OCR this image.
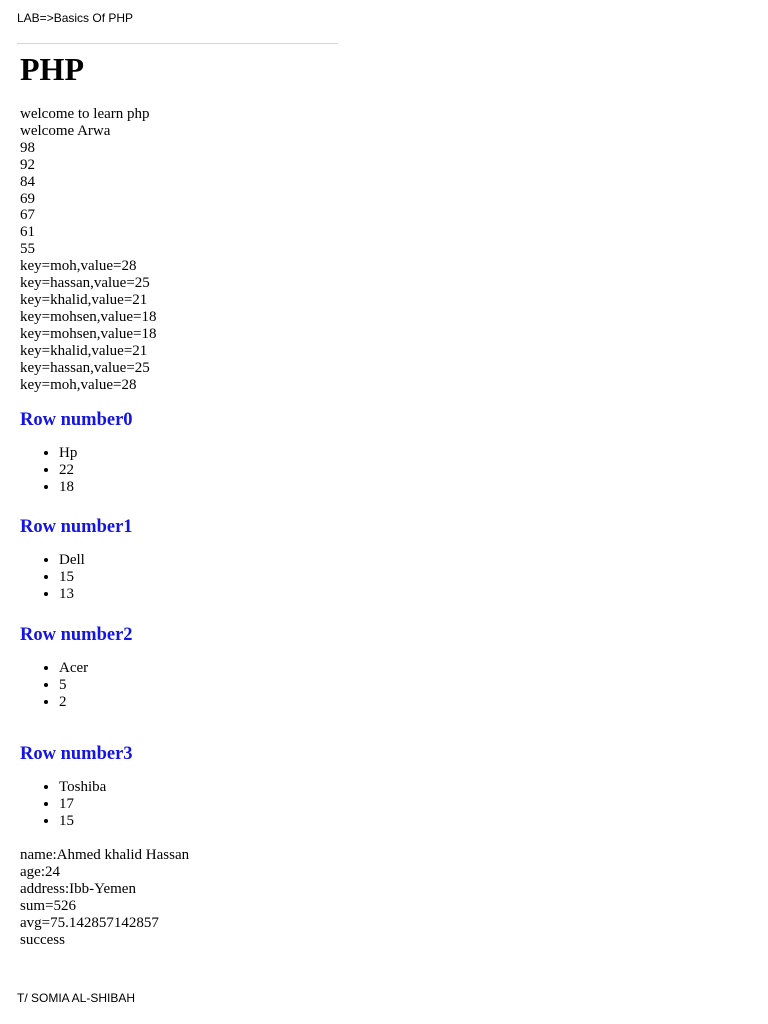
LAB=>Basics Of PHP
PHP
welcome to learn php
welcome Arwa
98
92
84
69
67
61
55
key=moh,value=28
key=hassan,value=25
key=khalid,value=21
key=mohsen,value=18
key=mohsen,value=18
key=khalid,value=21
key=hassan,value=25
key=moh,value=28
Row number0
• Hp
• 22
• 18
Row number1
• Dell
• 15
• 13
Row number2
• Acer
• 5
• 2
Row number3
• Toshiba
• 17
• 15
name:Ahmed khalid Hassan
age:24
address:Ibb-Yemen
sum=526
avg=75.142857142857
success
T/ SOMIA AL-SHIBAH
